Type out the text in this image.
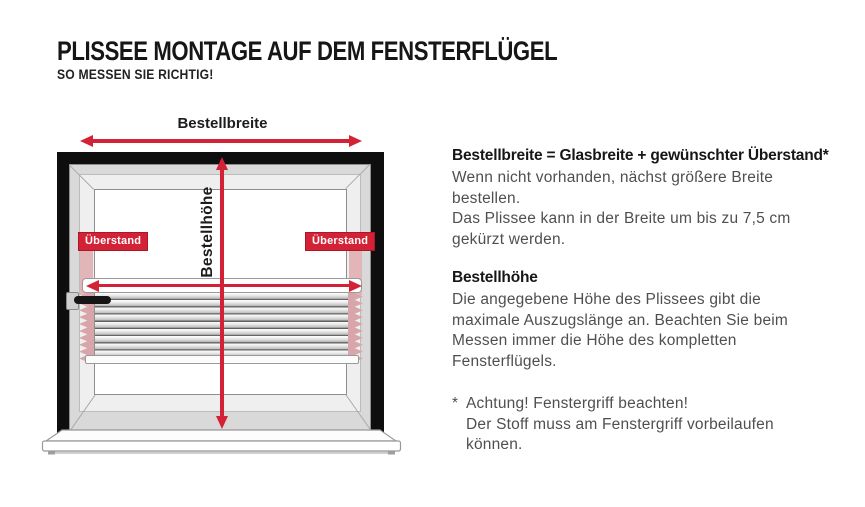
PLISSEE MONTAGE AUF DEM FENSTERFLÜGEL
SO MESSEN SIE RICHTIG!
Bestellbreite
Überstand	Überstand
Bestellhöhe
Bestellbreite = Glasbreite + gewünschter Überstand*
Wenn nicht vorhanden, nächst größere Breite
bestellen.
Das Plissee kann in der Breite um bis zu 7,5 cm
gekürzt werden.
Bestellhöhe
Die angegebene Höhe des Plissees gibt die
maximale Auszugslänge an. Beachten Sie beim
Messen immer die Höhe des kompletten
Fensterflügels.
* Achtung! Fenstergriff beachten!
Der Stoff muss am Fenstergriff vorbeilaufen
können.
